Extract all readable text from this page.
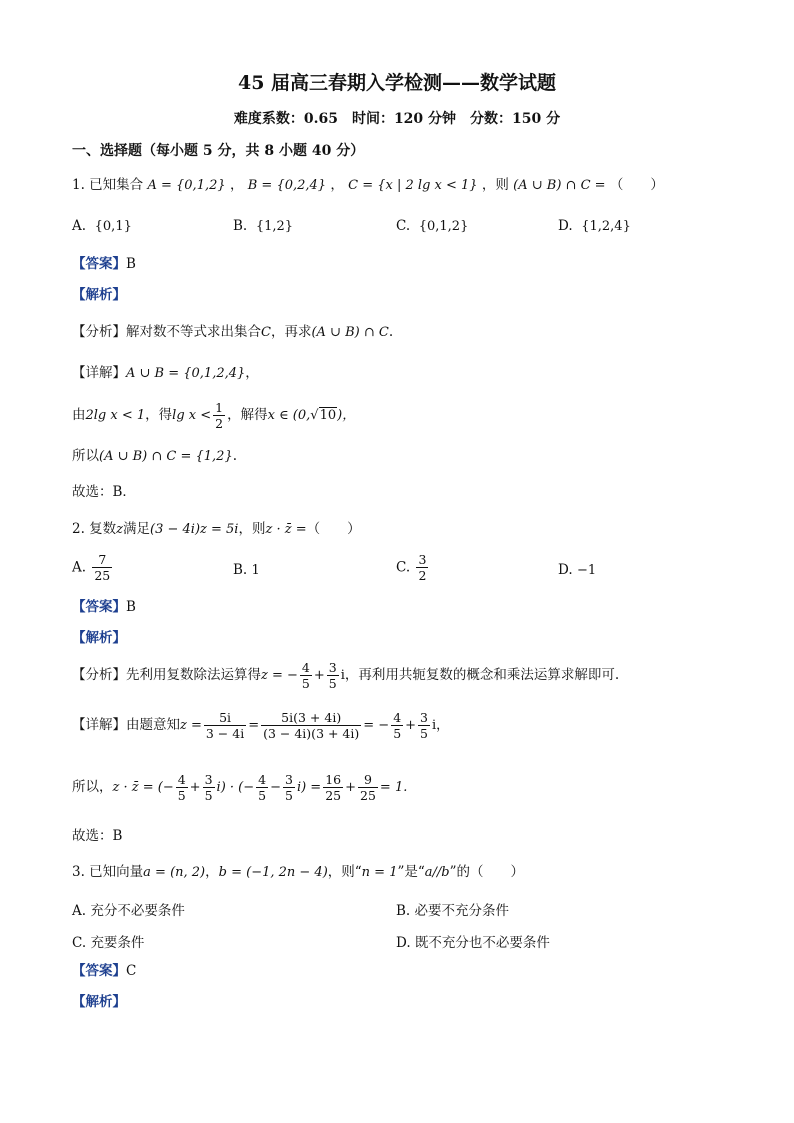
45 届高三春期入学检测——数学试题
难度系数：0.65　时间：120 分钟　分数：150 分
一、选择题（每小题 5 分，共 8 小题 40 分）
1. 已知集合 A = {0,1,2} ， B = {0,2,4} ， C = {x | 2 lg x < 1} ，则 (A ∪ B) ∩ C = （　　）
A. {0,1}	B. {1,2}	C. {0,1,2}	D. {1,2,4}
【答案】B
【解析】
【分析】解对数不等式求出集合C，再求(A ∪ B) ∩ C.
【详解】A ∪ B = {0,1,2,4}，
由2lg x < 1，得$\lg x < \frac{1}{2}$ ，解得x ∈ (0,√10)，
所以(A ∪ B) ∩ C = {1,2}.
故选：B．
2. 复数z满足(3 − 4i)z = 5i，则z · z̄ =（　　）
A. $\frac{7}{25}$	B. 1	C. $\frac{3}{2}$	D. −1
【答案】B
【解析】
【分析】先利用复数除法运算得z = − $\frac{4}{5} + \frac{3}{5}$ i，再利用共轭复数的概念和乘法运算求解即可.
【详解】由题意知$z = \frac{5i}{3 - 4i} = \frac{5i(3 + 4i)}{(3 - 4i)(3 + 4i)}$ = − $\frac{4}{5} + \frac{3}{5}$ i，
所以，z · z̄ = (− $\frac{4}{5} + \frac{3}{5} i$) · (− $\frac{4}{5} - \frac{3}{5} i) = \frac{16}{25} + \frac{9}{25} = 1$.
故选：B
3. 已知向量a = (n, 2)，b = (−1, 2n − 4)，则“n = 1”是“a//b”的（　　）
A. 充分不必要条件	B. 必要不充分条件
C. 充要条件	D. 既不充分也不必要条件
【答案】C
【解析】
